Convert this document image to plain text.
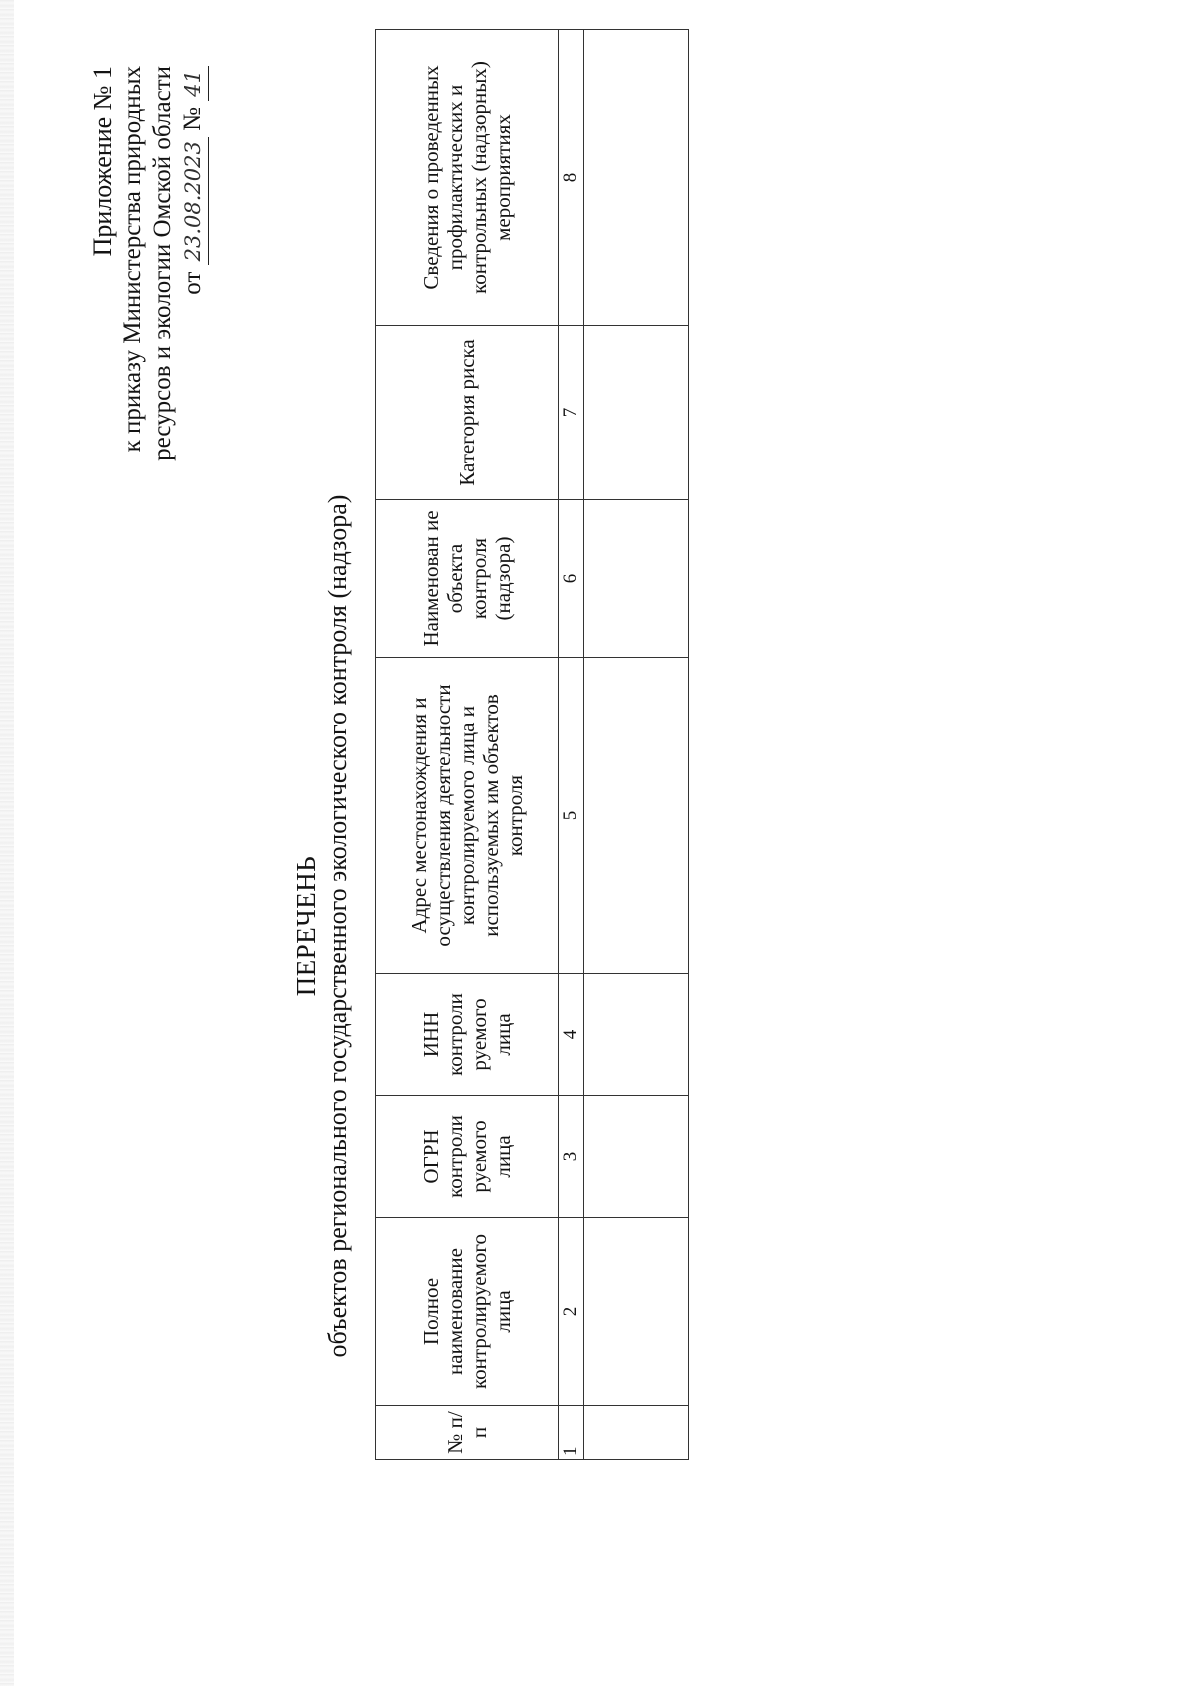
Приложение № 1 к приказу Министерства природных ресурсов и экологии Омской области от 23.08.2023 № 41
ПЕРЕЧЕНЬ объектов регионального государственного экологического контроля (надзора)
№ п/п	Полное наименование контролируемого лица	ОГРН контроли руемого лица	ИНН контроли руемого лица	Адрес местонахождения и осуществления деятельности контролируемого лица и используемых им объектов контроля	Наименован ие объекта контроля (надзора)	Категория риска	Сведения о проведенных профилактических и контрольных (надзорных) мероприятиях
1	2	3	4	5	6	7	8
